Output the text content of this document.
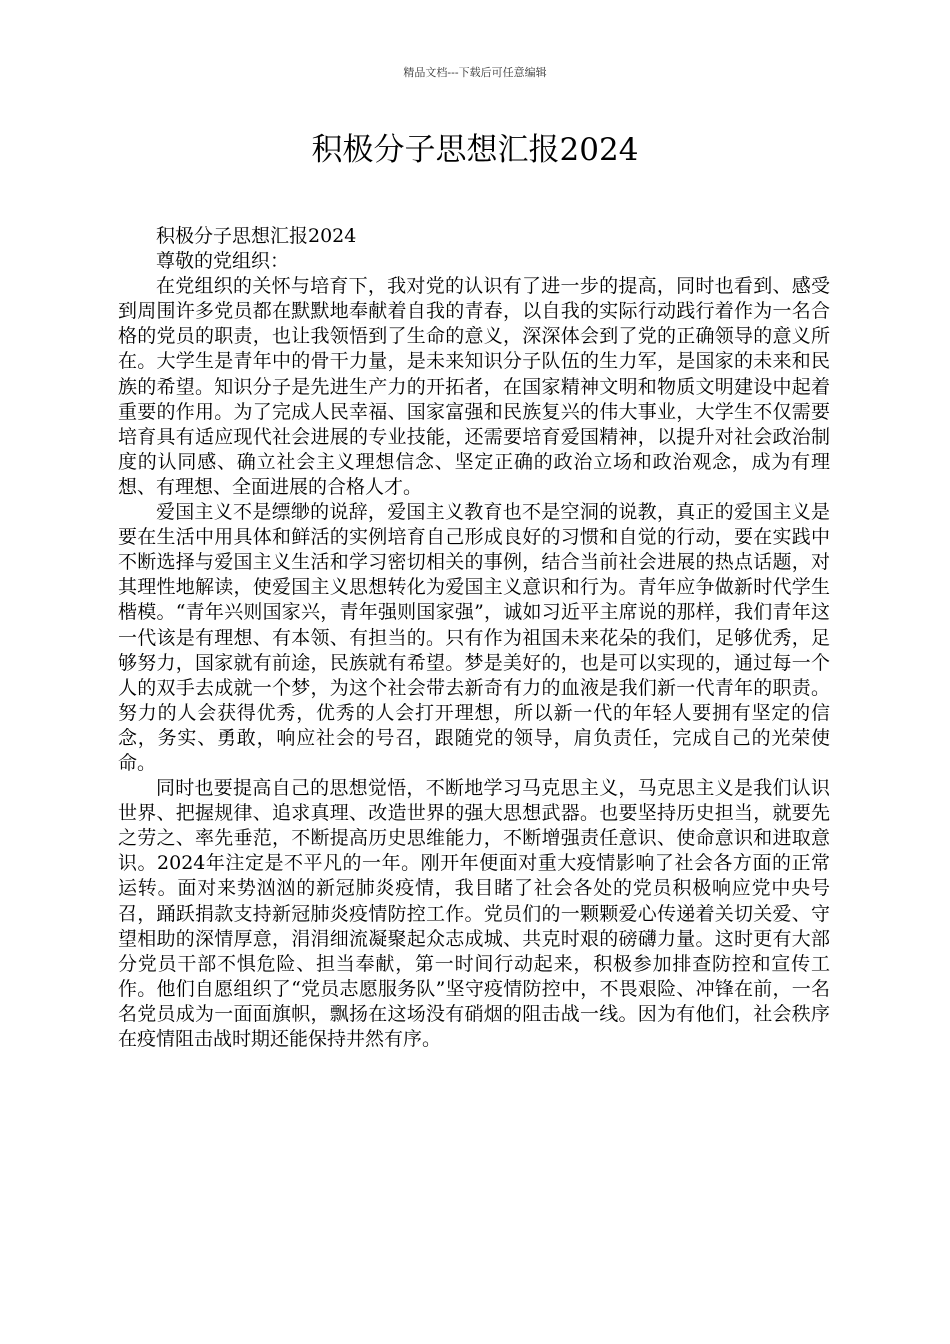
精品文档---下载后可任意编辑
积极分子思想汇报2024

积极分子思想汇报2024

尊敬的党组织：

在党组织的关怀与培育下，我对党的认识有了进一步的提高，同时也看到、感受到周围许多党员都在默默地奉献着自我的青春，以自我的实际行动践行着作为一名合格的党员的职责，也让我领悟到了生命的意义，深深体会到了党的正确领导的意义所在。大学生是青年中的骨干力量，是未来知识分子队伍的生力军，是国家的未来和民族的希望。知识分子是先进生产力的开拓者，在国家精神文明和物质文明建设中起着重要的作用。为了完成人民幸福、国家富强和民族复兴的伟大事业，大学生不仅需要培育具有适应现代社会进展的专业技能，还需要培育爱国精神，以提升对社会政治制度的认同感、确立社会主义理想信念、坚定正确的政治立场和政治观念，成为有理想、有理想、全面进展的合格人才。

爱国主义不是缥缈的说辞，爱国主义教育也不是空洞的说教，真正的爱国主义是要在生活中用具体和鲜活的实例培育自己形成良好的习惯和自觉的行动，要在实践中不断选择与爱国主义生活和学习密切相关的事例，结合当前社会进展的热点话题，对其理性地解读，使爱国主义思想转化为爱国主义意识和行为。青年应争做新时代学生楷模。“青年兴则国家兴，青年强则国家强”，诚如习近平主席说的那样，我们青年这一代该是有理想、有本领、有担当的。只有作为祖国未来花朵的我们，足够优秀，足够努力，国家就有前途，民族就有希望。梦是美好的，也是可以实现的，通过每一个人的双手去成就一个梦，为这个社会带去新奇有力的血液是我们新一代青年的职责。努力的人会获得优秀，优秀的人会打开理想，所以新一代的年轻人要拥有坚定的信念，务实、勇敢，响应社会的号召，跟随党的领导，肩负责任，完成自己的光荣使命。

同时也要提高自己的思想觉悟，不断地学习马克思主义，马克思主义是我们认识世界、把握规律、追求真理、改造世界的强大思想武器。也要坚持历史担当，就要先之劳之、率先垂范，不断提高历史思维能力，不断增强责任意识、使命意识和进取意识。2024年注定是不平凡的一年。刚开年便面对重大疫情影响了社会各方面的正常运转。面对来势汹汹的新冠肺炎疫情，我目睹了社会各处的党员积极响应党中央号召，踊跃捐款支持新冠肺炎疫情防控工作。党员们的一颗颗爱心传递着关切关爱、守望相助的深情厚意，涓涓细流凝聚起众志成城、共克时艰的磅礴力量。这时更有大部分党员干部不惧危险、担当奉献，第一时间行动起来，积极参加排查防控和宣传工作。他们自愿组织了“党员志愿服务队”坚守疫情防控中，不畏艰险、冲锋在前，一名名党员成为一面面旗帜，飘扬在这场没有硝烟的阻击战一线。因为有他们，社会秩序在疫情阻击战时期还能保持井然有序。
